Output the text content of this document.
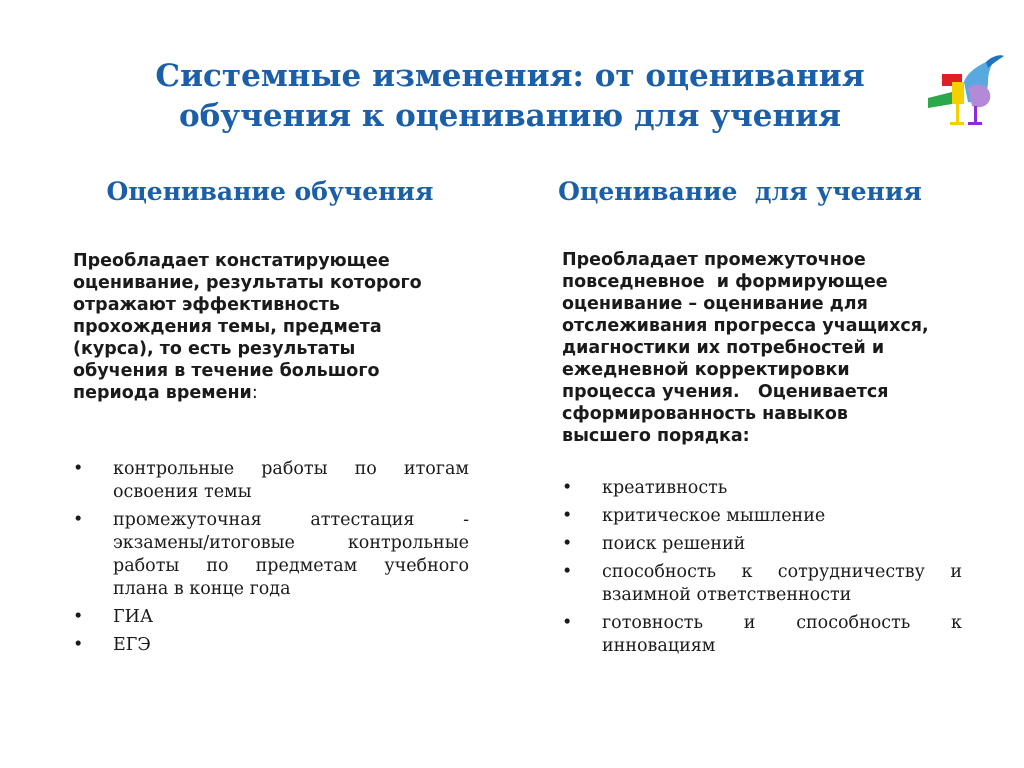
Системные изменения: от оценивания
обучения к оцениванию для учения
Оценивание обучения	Оценивание  для учения
Преобладает констатирующее
оценивание, результаты которого
отражают эффективность
прохождения темы, предмета
(курса), то есть результаты
обучения в течение большого
периода времени:
Преобладает промежуточное
повседневное  и формирующее
оценивание – оценивание для
отслеживания прогресса учащихся,
диагностики их потребностей и
ежедневной корректировки
процесса учения.   Оценивается
сформированность навыков
высшего порядка:
• контрольные работы по итогам
освоения темы
• промежуточная аттестация -
экзамены/итоговые контрольные
работы по предметам учебного
плана в конце года
• ГИА
• ЕГЭ
• креативность
• критическое мышление
• поиск решений
• способность к сотрудничеству и
взаимной ответственности
• готовность и способность к
инновациям
